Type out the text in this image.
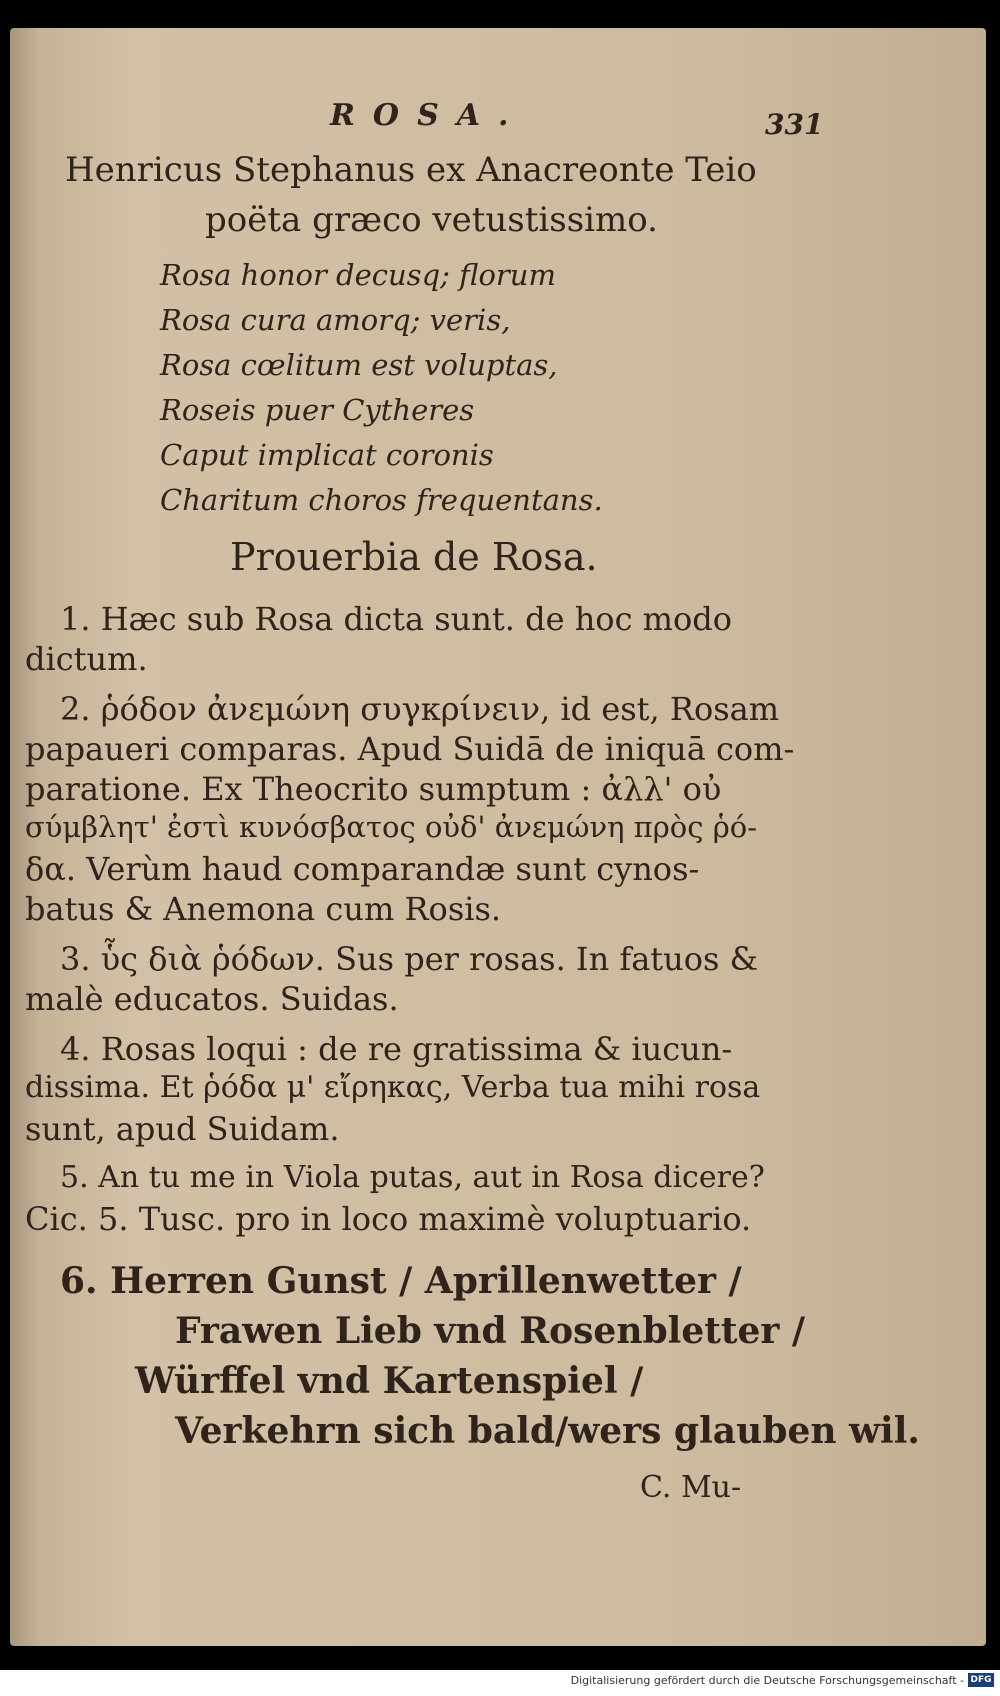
ROSA.	331
Henricus Stephanus ex Anacreonte Teio
poëta græco vetustissimo.
Rosa honor decusq; florum
Rosa cura amorq; veris,
Rosa cœlitum est voluptas,
Roseis puer Cytheres
Caput implicat coronis
Charitum choros frequentans.
Prouerbia de Rosa.
1. Hæc sub Rosa dicta sunt. de hoc modo
dictum.
2. ῥόδον ἀνεμώνη συγκρίνειν, id est, Rosam
papaueri comparas. Apud Suidā de iniquā com-
paratione. Ex Theocrito sumptum : ἀλλ' οὐ
σύμβλητ' ἐστὶ κυνόσβατος οὐδ' ἀνεμώνη πρὸς ῥό-
δα. Verùm haud comparandæ sunt cynos-
batus & Anemona cum Rosis.
3. ὗς διὰ ῥόδων. Sus per rosas. In fatuos &
malè educatos. Suidas.
4. Rosas loqui : de re gratissima & iucun-
dissima. Et ῥόδα μ' εἴρηκας, Verba tua mihi rosa
sunt, apud Suidam.
5. An tu me in Viola putas, aut in Rosa dicere?
Cic. 5. Tusc. pro in loco maximè voluptuario.
6. Herren Gunst / Aprillenwetter /
Frawen Lieb vnd Rosenbletter /
Würffel vnd Kartenspiel /
Verkehrn sich bald/wers glauben wil.
C. Mu-
Digitalisierung gefördert durch die Deutsche Forschungsgemeinschaft - DFG
